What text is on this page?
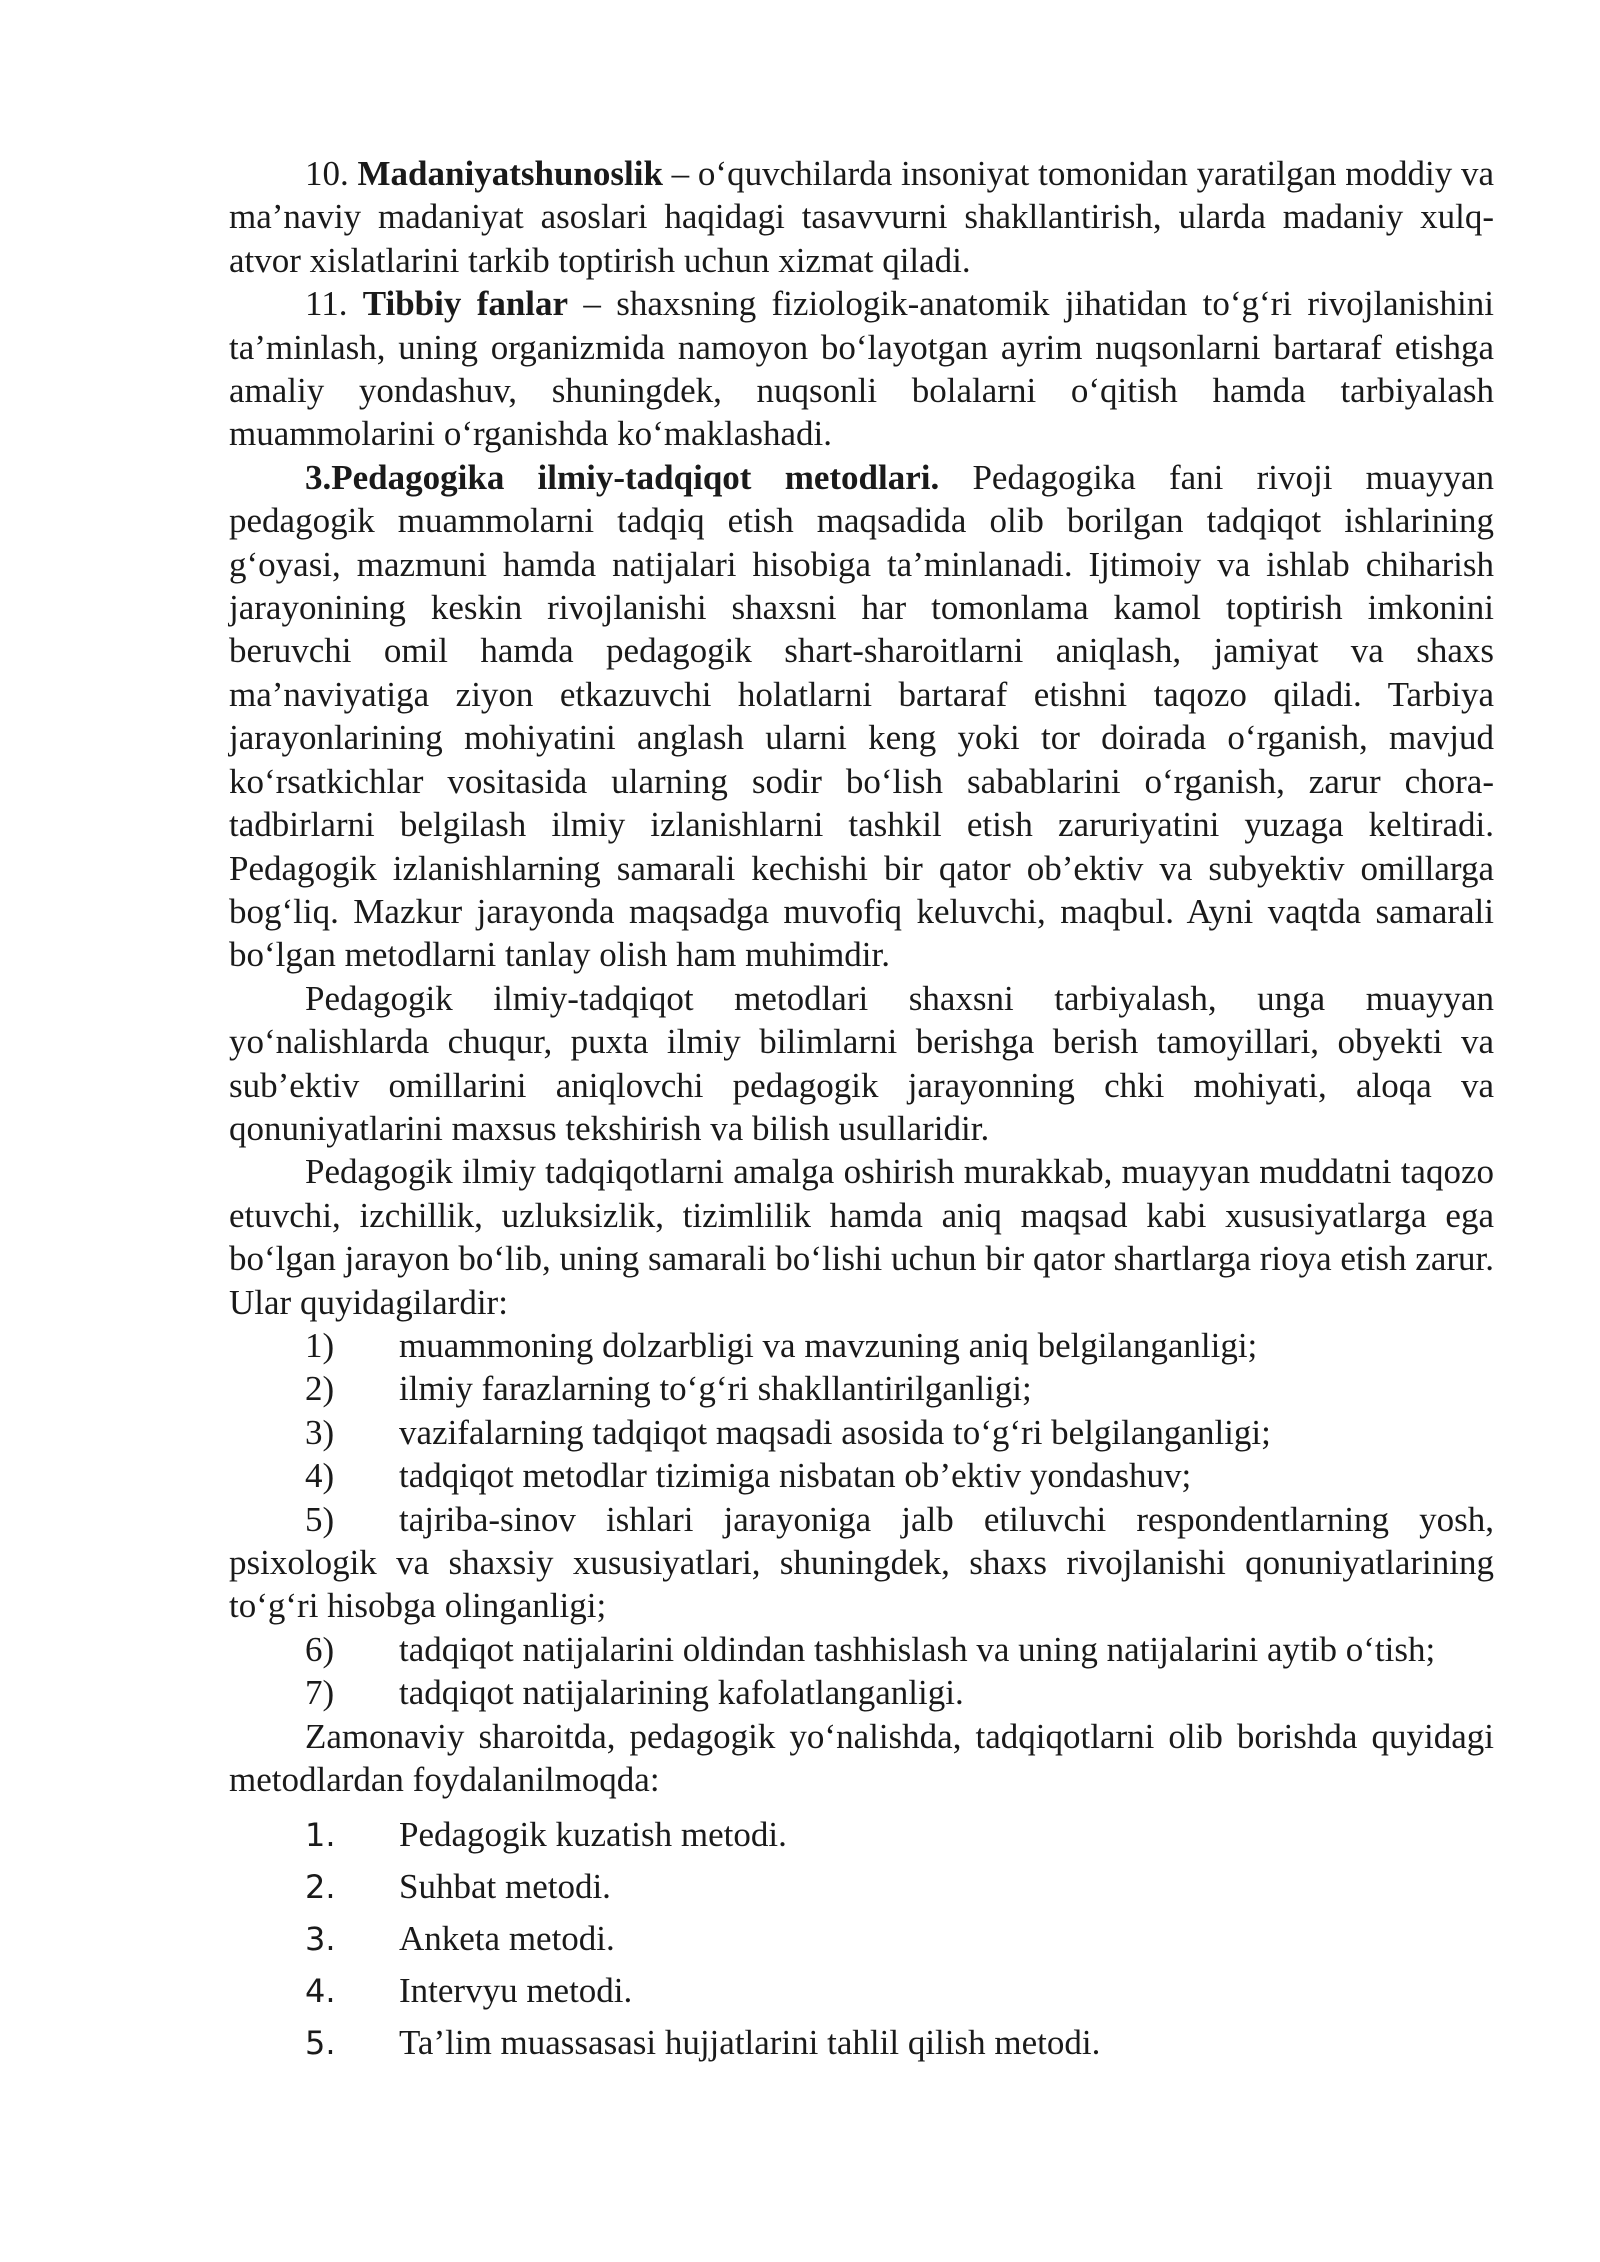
10. Madaniyatshunoslik – o‘quvchilarda insoniyat tomonidan yaratilgan moddiy va ma’naviy madaniyat asoslari haqidagi tasavvurni shakllantirish, ularda madaniy xulq-atvor xislatlarini tarkib toptirish uchun xizmat qiladi.

11. Tibbiy fanlar – shaxsning fiziologik-anatomik jihatidan to‘g‘ri rivojlanishini ta’minlash, uning organizmida namoyon bo‘layotgan ayrim nuqsonlarni bartaraf etishga amaliy yondashuv, shuningdek, nuqsonli bolalarni o‘qitish hamda tarbiyalash muammolarini o‘rganishda ko‘maklashadi.

3.Pedagogika ilmiy-tadqiqot metodlari. Pedagogika fani rivoji muayyan pedagogik muammolarni tadqiq etish maqsadida olib borilgan tadqiqot ishlarining g‘oyasi, mazmuni hamda natijalari hisobiga ta’minlanadi. Ijtimoiy va ishlab chiharish jarayonining keskin rivojlanishi shaxsni har tomonlama kamol toptirish imkonini beruvchi omil hamda pedagogik shart-sharoitlarni aniqlash, jamiyat va shaxs ma’naviyatiga ziyon etkazuvchi holatlarni bartaraf etishni taqozo qiladi. Tarbiya jarayonlarining mohiyatini anglash ularni keng yoki tor doirada o‘rganish, mavjud ko‘rsatkichlar vositasida ularning sodir bo‘lish sabablarini o‘rganish, zarur chora-tadbirlarni belgilash ilmiy izlanishlarni tashkil etish zaruriyatini yuzaga keltiradi. Pedagogik izlanishlarning samarali kechishi bir qator ob’ektiv va subyektiv omillarga bog‘liq. Mazkur jarayonda maqsadga muvofiq keluvchi, maqbul. Ayni vaqtda samarali bo‘lgan metodlarni tanlay olish ham muhimdir.

Pedagogik ilmiy-tadqiqot metodlari shaxsni tarbiyalash, unga muayyan yo‘nalishlarda chuqur, puxta ilmiy bilimlarni berishga berish tamoyillari, obyekti va sub’ektiv omillarini aniqlovchi pedagogik jarayonning chki mohiyati, aloqa va qonuniyatlarini maxsus tekshirish va bilish usullaridir.

Pedagogik ilmiy tadqiqotlarni amalga oshirish murakkab, muayyan muddatni taqozo etuvchi, izchillik, uzluksizlik, tizimlilik hamda aniq maqsad kabi xususiyatlarga ega bo‘lgan jarayon bo‘lib, uning samarali bo‘lishi uchun bir qator shartlarga rioya etish zarur. Ular quyidagilardir:

1) muammoning dolzarbligi va mavzuning aniq belgilanganligi;

2) ilmiy farazlarning to‘g‘ri shakllantirilganligi;

3) vazifalarning tadqiqot maqsadi asosida to‘g‘ri belgilanganligi;

4) tadqiqot metodlar tizimiga nisbatan ob’ektiv yondashuv;

5) tajriba-sinov ishlari jarayoniga jalb etiluvchi respondentlarning yosh, psixologik va shaxsiy xususiyatlari, shuningdek, shaxs rivojlanishi qonuniyatlarining to‘g‘ri hisobga olinganligi;

6) tadqiqot natijalarini oldindan tashhislash va uning natijalarini aytib o‘tish;

7) tadqiqot natijalarining kafolatlanganligi.

Zamonaviy sharoitda, pedagogik yo‘nalishda, tadqiqotlarni olib borishda quyidagi metodlardan foydalanilmoqda:

1. Pedagogik kuzatish metodi.
2. Suhbat metodi.
3. Anketa metodi.
4. Intervyu metodi.
5. Ta’lim muassasasi hujjatlarini tahlil qilish metodi.
